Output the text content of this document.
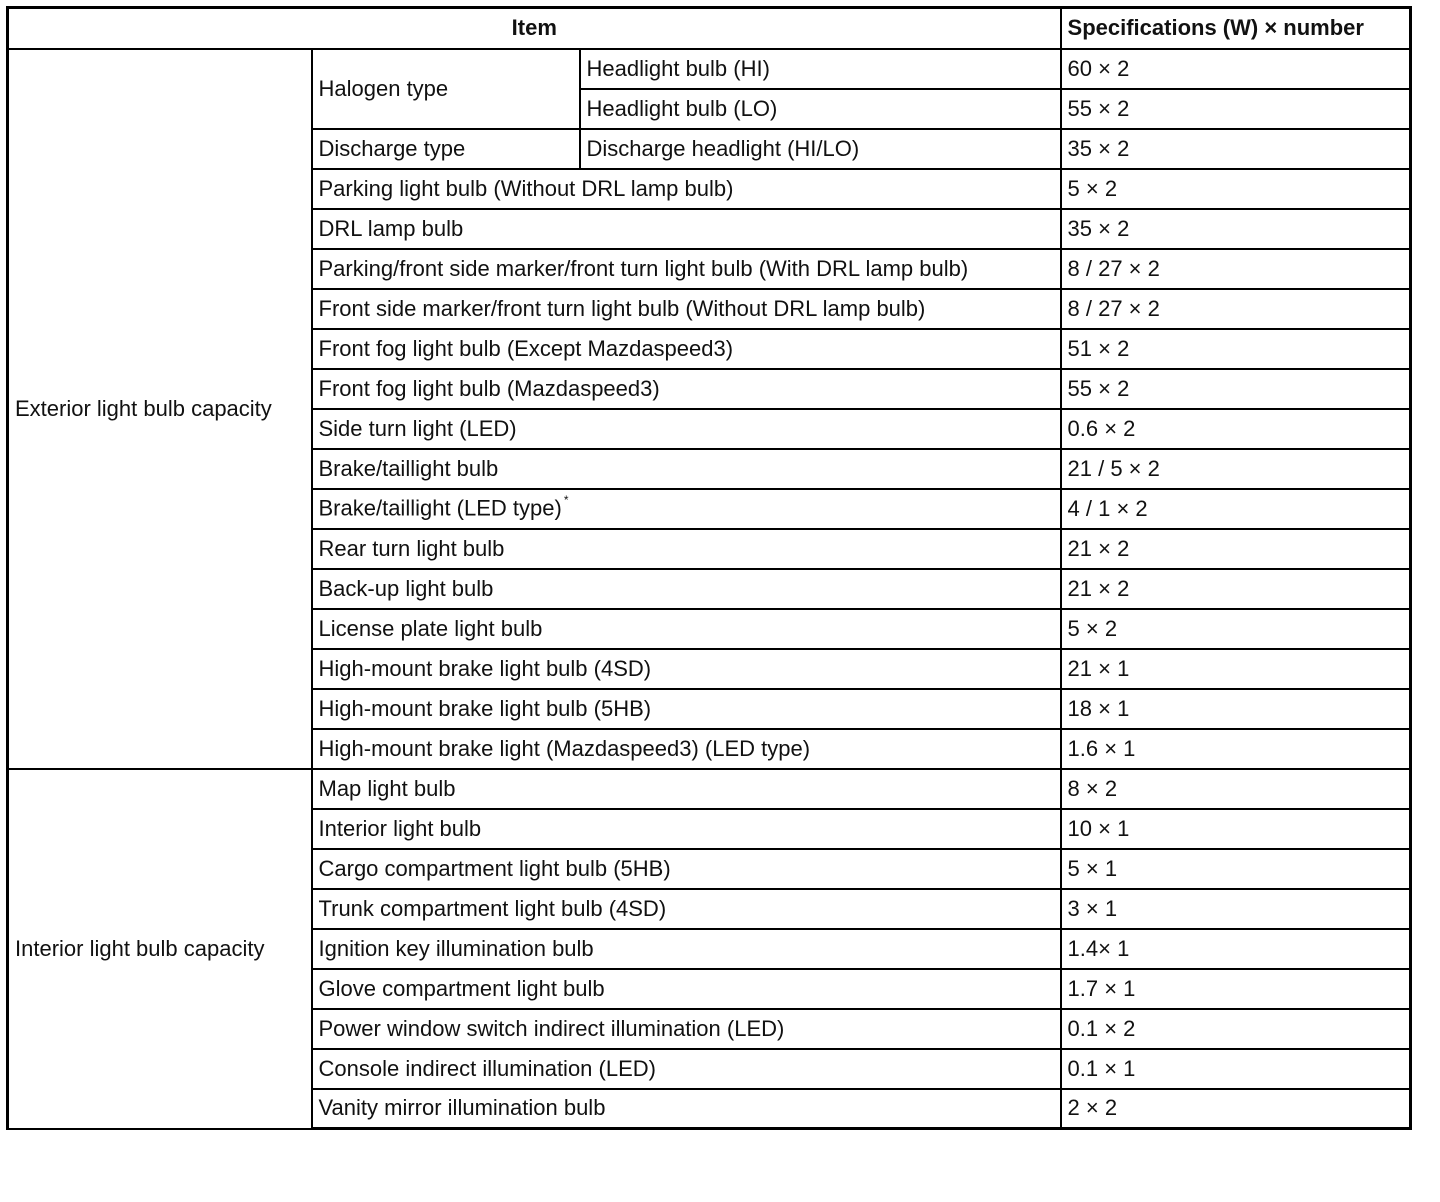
Item			Specifications (W) × number
Exterior light bulb capacity	Halogen type	Headlight bulb (HI)	60 × 2
		Headlight bulb (LO)	55 × 2
	Discharge type	Discharge headlight (HI/LO)	35 × 2
	Parking light bulb (Without DRL lamp bulb)		5 × 2
	DRL lamp bulb		35 × 2
	Parking/front side marker/front turn light bulb (With DRL lamp bulb)		8 / 27 × 2
	Front side marker/front turn light bulb (Without DRL lamp bulb)		8 / 27 × 2
	Front fog light bulb (Except Mazdaspeed3)		51 × 2
	Front fog light bulb (Mazdaspeed3)		55 × 2
	Side turn light (LED)		0.6 × 2
	Brake/taillight bulb		21 / 5 × 2
	Brake/taillight (LED type) *		4 / 1 × 2
	Rear turn light bulb		21 × 2
	Back-up light bulb		21 × 2
	License plate light bulb		5 × 2
	High-mount brake light bulb (4SD)		21 × 1
	High-mount brake light bulb (5HB)		18 × 1
	High-mount brake light (Mazdaspeed3) (LED type)		1.6 × 1
Interior light bulb capacity	Map light bulb		8 × 2
	Interior light bulb		10 × 1
	Cargo compartment light bulb (5HB)		5 × 1
	Trunk compartment light bulb (4SD)		3 × 1
	Ignition key illumination bulb		1.4× 1
	Glove compartment light bulb		1.7 × 1
	Power window switch indirect illumination (LED)		0.1 × 2
	Console indirect illumination (LED)		0.1 × 1
	Vanity mirror illumination bulb		2 × 2
